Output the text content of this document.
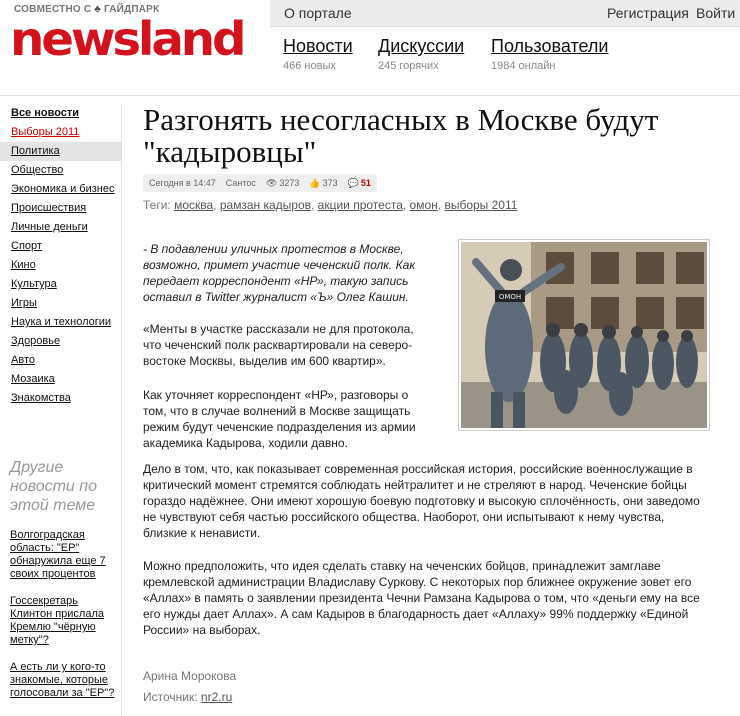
СОВМЕСТНО С ♣ ГАЙДПАРК
newsland	О портале	Регистрация Войти
Новости
466 новых
Дискуссии
245 горячих
Пользователи
1984 онлайн
Все новости
Выборы 2011
Политика
Общество
Экономика и бизнес
Происшествия
Личные деньги
Спорт
Кино
Культура
Игры
Наука и технологии
Здоровье
Авто
Мозаика
Знакомства
Другие новости по этой теме
Волгоградская область: "ЕР" обнаружила еще 7 своих процентов
Госсекретарь Клинтон прислала Кремлю "чёрную метку"?
А есть ли у кого-то знакомые, которые голосовали за "ЕР"?
Разгонять несогласных в Москве будут "кадыровцы"
Сегодня в 14:47 Сантос 👁 3273 👍 373 💬 51
Теги: москва, рамзан кадыров, акции протеста, омон, выборы 2011

- В подавлении уличных протестов в Москве, возможно, примет участие чеченский полк. Как передает корреспондент «НР», такую запись оставил в Twitter журналист «Ъ» Олег Кашин.

«Менты в участке рассказали не для протокола, что чеченский полк расквартировали на северо-востоке Москвы, выделив им 600 квартир».

Как уточняет корреспондент «НР», разговоры о том, что в случае волнений в Москве защищать режим будут чеченские подразделения из армии академика Кадырова, ходили давно.

ОМОН

Дело в том, что, как показывает современная российская история, российские военнослужащие в критический момент стремятся соблюдать нейтралитет и не стреляют в народ. Чеченские бойцы гораздо надёжнее. Они имеют хорошую боевую подготовку и высокую сплочённость, они заведомо не чувствуют себя частью российского общества. Наоборот, они испытывают к нему чувства, близкие к ненависти.

Можно предположить, что идея сделать ставку на чеченских бойцов, принадлежит замглаве кремлевской администрации Владиславу Суркову. С некоторых пор ближнее окружение зовет его «Аллах» в память о заявлении президента Чечни Рамзана Кадырова о том, что «деньги ему на все его нужды дает Аллах». А сам Кадыров в благодарность дает «Аллаху» 99% поддержку «Единой России» на выборах.

Арина Морокова
Источник: nr2.ru
